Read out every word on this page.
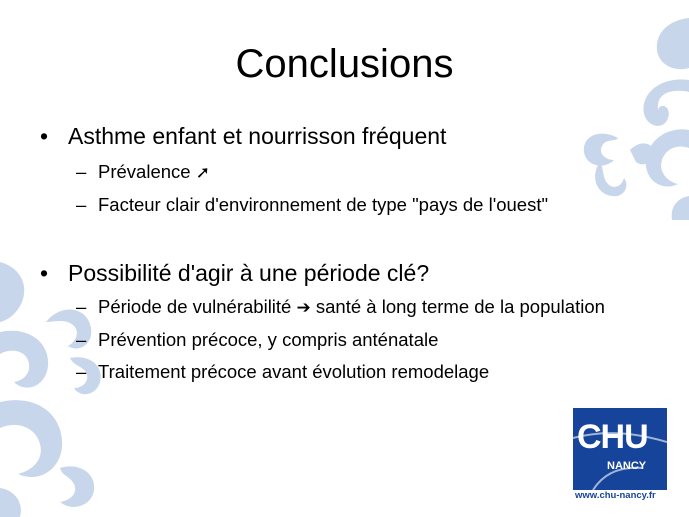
Conclusions
• Asthme enfant et nourrisson fréquent
– Prévalence ➚
– Facteur clair d'environnement de type "pays de l'ouest"
• Possibilité d'agir à une période clé?
– Période de vulnérabilité ➔ santé à long terme de la population
– Prévention précoce, y compris anténatale
– Traitement précoce avant évolution remodelage
CHU
NANCY
www.chu-nancy.fr
